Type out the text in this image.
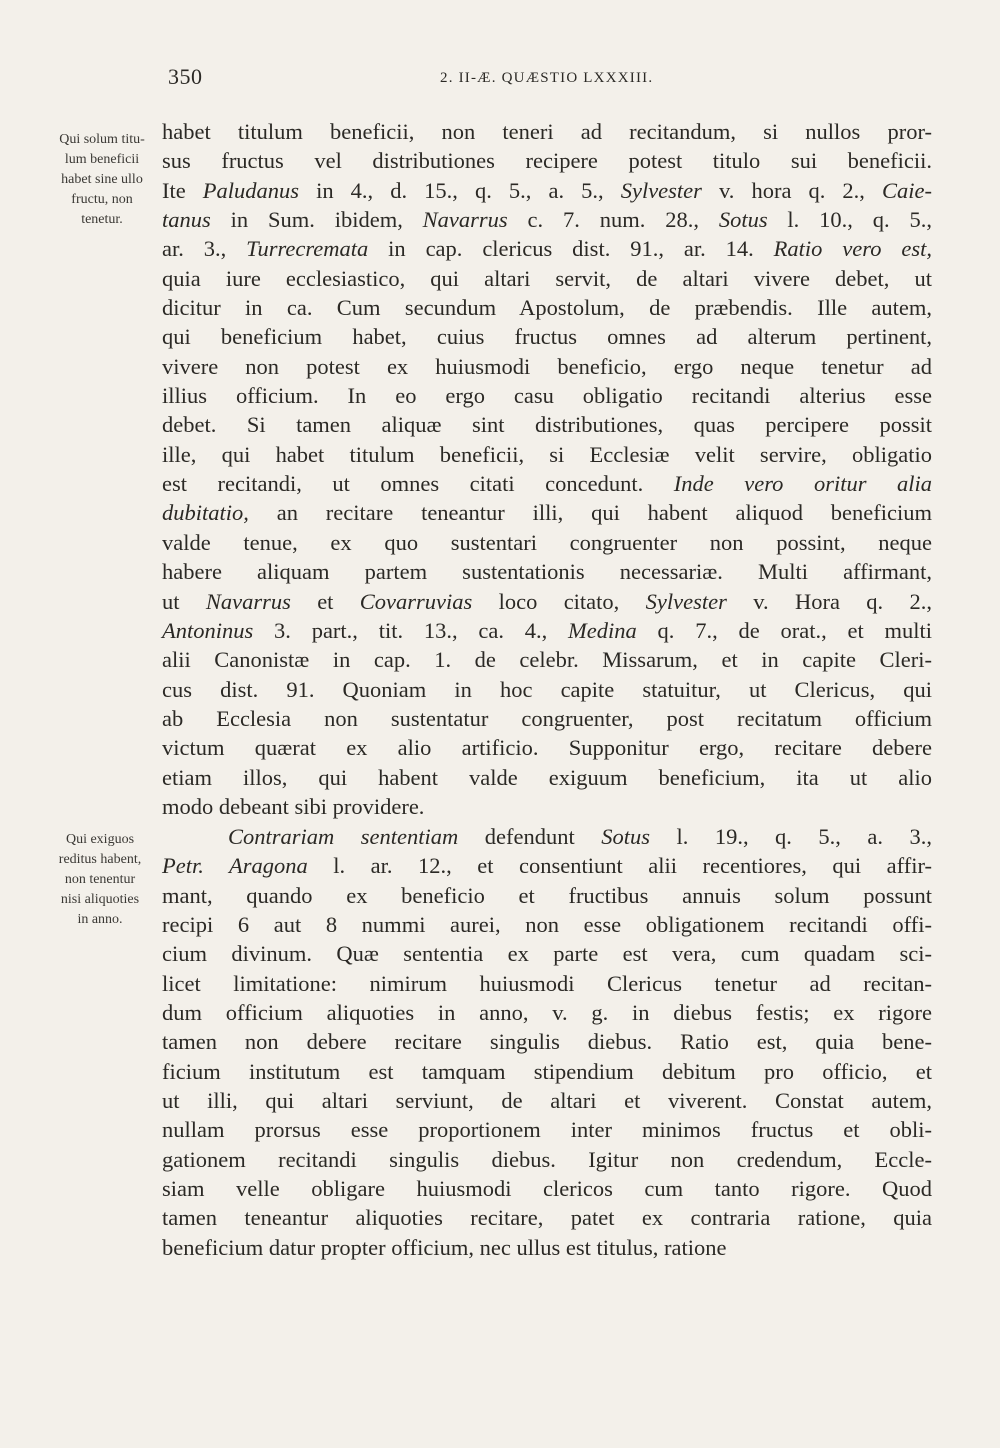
350	2. II-Æ. QUÆSTIO LXXXIII.
Qui solum titu-
lum beneficii
habet sine ullo
fructu, non
tenetur.
Qui exiguos
reditus habent,
non tenentur
nisi aliquoties
in anno.
habet titulum beneficii, non teneri ad recitandum, si nullos pror-
sus fructus vel distributiones recipere potest titulo sui beneficii.
Ite Paludanus in 4., d. 15., q. 5., a. 5., Sylvester v. hora q. 2., Caie-
tanus in Sum. ibidem, Navarrus c. 7. num. 28., Sotus l. 10., q. 5.,
ar. 3., Turrecremata in cap. clericus dist. 91., ar. 14. Ratio vero est,
quia iure ecclesiastico, qui altari servit, de altari vivere debet, ut
dicitur in ca. Cum secundum Apostolum, de præbendis. Ille autem,
qui beneficium habet, cuius fructus omnes ad alterum pertinent,
vivere non potest ex huiusmodi beneficio, ergo neque tenetur ad
illius officium. In eo ergo casu obligatio recitandi alterius esse
debet. Si tamen aliquæ sint distributiones, quas percipere possit
ille, qui habet titulum beneficii, si Ecclesiæ velit servire, obligatio
est recitandi, ut omnes citati concedunt. Inde vero oritur alia
dubitatio, an recitare teneantur illi, qui habent aliquod beneficium
valde tenue, ex quo sustentari congruenter non possint, neque
habere aliquam partem sustentationis necessariæ. Multi affirmant,
ut Navarrus et Covarruvias loco citato, Sylvester v. Hora q. 2.,
Antoninus 3. part., tit. 13., ca. 4., Medina q. 7., de orat., et multi
alii Canonistæ in cap. 1. de celebr. Missarum, et in capite Cleri-
cus dist. 91. Quoniam in hoc capite statuitur, ut Clericus, qui
ab Ecclesia non sustentatur congruenter, post recitatum officium
victum quærat ex alio artificio. Supponitur ergo, recitare debere
etiam illos, qui habent valde exiguum beneficium, ita ut alio
modo debeant sibi providere.
Contrariam sententiam defendunt Sotus l. 19., q. 5., a. 3.,
Petr. Aragona l. ar. 12., et consentiunt alii recentiores, qui affir-
mant, quando ex beneficio et fructibus annuis solum possunt
recipi 6 aut 8 nummi aurei, non esse obligationem recitandi offi-
cium divinum. Quæ sententia ex parte est vera, cum quadam sci-
licet limitatione: nimirum huiusmodi Clericus tenetur ad recitan-
dum officium aliquoties in anno, v. g. in diebus festis; ex rigore
tamen non debere recitare singulis diebus. Ratio est, quia bene-
ficium institutum est tamquam stipendium debitum pro officio, et
ut illi, qui altari serviunt, de altari et viverent. Constat autem,
nullam prorsus esse proportionem inter minimos fructus et obli-
gationem recitandi singulis diebus. Igitur non credendum, Eccle-
siam velle obligare huiusmodi clericos cum tanto rigore. Quod
tamen teneantur aliquoties recitare, patet ex contraria ratione, quia
beneficium datur propter officium, nec ullus est titulus, ratione
